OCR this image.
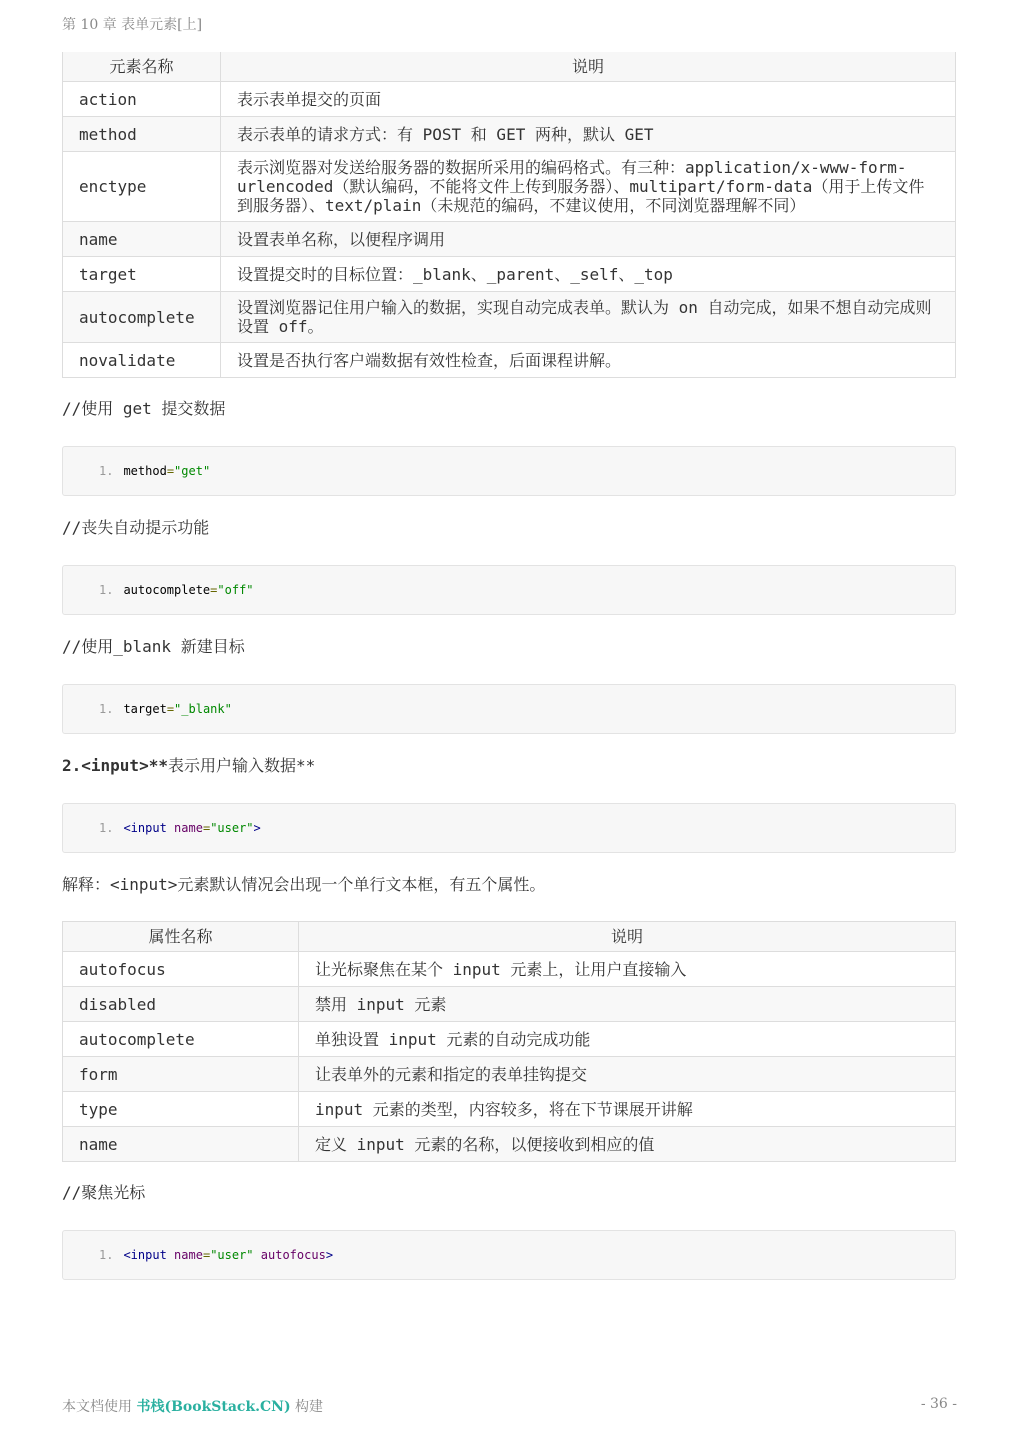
第 10 章 表单元素[上]
元素名称	说明
action	表示表单提交的页面
method	表示表单的请求方式：有 POST 和 GET 两种，默认 GET
enctype	表示浏览器对发送给服务器的数据所采用的编码格式。有三种：application/x-www-form-urlencoded（默认编码，不能将文件上传到服务器）、multipart/form-data（用于上传文件到服务器）、text/plain（未规范的编码，不建议使用，不同浏览器理解不同）
name	设置表单名称，以便程序调用
target	设置提交时的目标位置：_blank、_parent、_self、_top
autocomplete	设置浏览器记住用户输入的数据，实现自动完成表单。默认为 on 自动完成，如果不想自动完成则设置 off。
novalidate	设置是否执行客户端数据有效性检查，后面课程讲解。

//使用 get 提交数据

1. method = "get"

//丧失自动提示功能

1. autocomplete = "off"

//使用_blank 新建目标

1. target = "_blank"

2.<input>**表示用户输入数据**

1. <input
name = "user" >

解释：<input>元素默认情况会出现一个单行文本框，有五个属性。

属性名称	说明
autofocus	让光标聚焦在某个 input 元素上，让用户直接输入
disabled	禁用 input 元素
autocomplete	单独设置 input 元素的自动完成功能
form	让表单外的元素和指定的表单挂钩提交
type	input 元素的类型，内容较多，将在下节课展开讲解
name	定义 input 元素的名称，以便接收到相应的值

//聚焦光标

1. <input
name = "user"
autofocus >
本文档使用 书栈(BookStack.CN) 构建	- 36 -
